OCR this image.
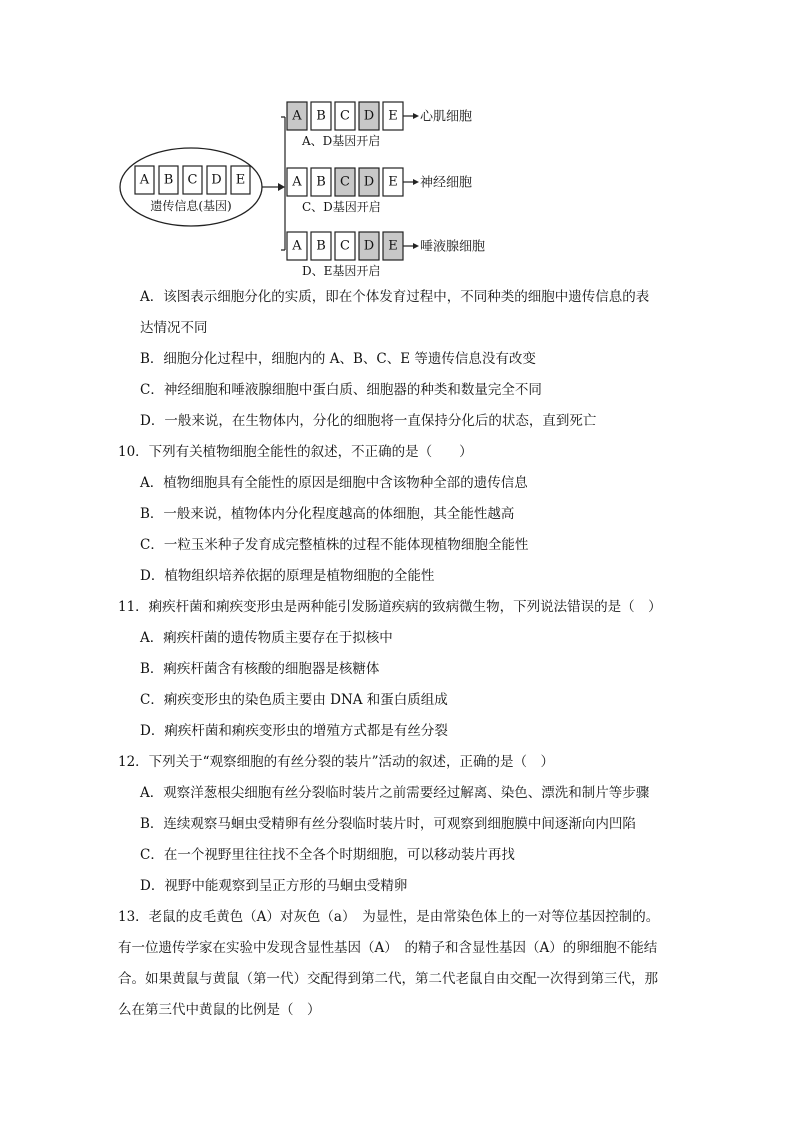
A B C D E
遗传信息(基因)
A B C D E 心肌细胞
A、D基因开启
A B C D E 神经细胞
C、D基因开启
A B C D E 唾液腺细胞
D、E基因开启

A．该图表示细胞分化的实质，即在个体发育过程中，不同种类的细胞中遗传信息的表

达情况不同

B．细胞分化过程中，细胞内的 A、B、C、E 等遗传信息没有改变

C．神经细胞和唾液腺细胞中蛋白质、细胞器的种类和数量完全不同

D．一般来说，在生物体内，分化的细胞将一直保持分化后的状态，直到死亡

10．下列有关植物细胞全能性的叙述，不正确的是（　　）

A．植物细胞具有全能性的原因是细胞中含该物种全部的遗传信息

B．一般来说，植物体内分化程度越高的体细胞，其全能性越高

C．一粒玉米种子发育成完整植株的过程不能体现植物细胞全能性

D．植物组织培养依据的原理是植物细胞的全能性

11．痢疾杆菌和痢疾变形虫是两种能引发肠道疾病的致病微生物，下列说法错误的是（　）

A．痢疾杆菌的遗传物质主要存在于拟核中

B．痢疾杆菌含有核酸的细胞器是核糖体

C．痢疾变形虫的染色质主要由 DNA 和蛋白质组成

D．痢疾杆菌和痢疾变形虫的增殖方式都是有丝分裂

12．下列关于“观察细胞的有丝分裂的装片”活动的叙述，正确的是（　）

A．观察洋葱根尖细胞有丝分裂临时装片之前需要经过解离、染色、漂洗和制片等步骤

B．连续观察马蛔虫受精卵有丝分裂临时装片时，可观察到细胞膜中间逐渐向内凹陷

C．在一个视野里往往找不全各个时期细胞，可以移动装片再找

D．视野中能观察到呈正方形的马蛔虫受精卵

13．老鼠的皮毛黄色（A）对灰色（a）　为显性，是由常染色体上的一对等位基因控制的。

有一位遗传学家在实验中发现含显性基因（A）　的精子和含显性基因（A）的卵细胞不能结

合。如果黄鼠与黄鼠（第一代）交配得到第二代，第二代老鼠自由交配一次得到第三代，那

么在第三代中黄鼠的比例是（　）
